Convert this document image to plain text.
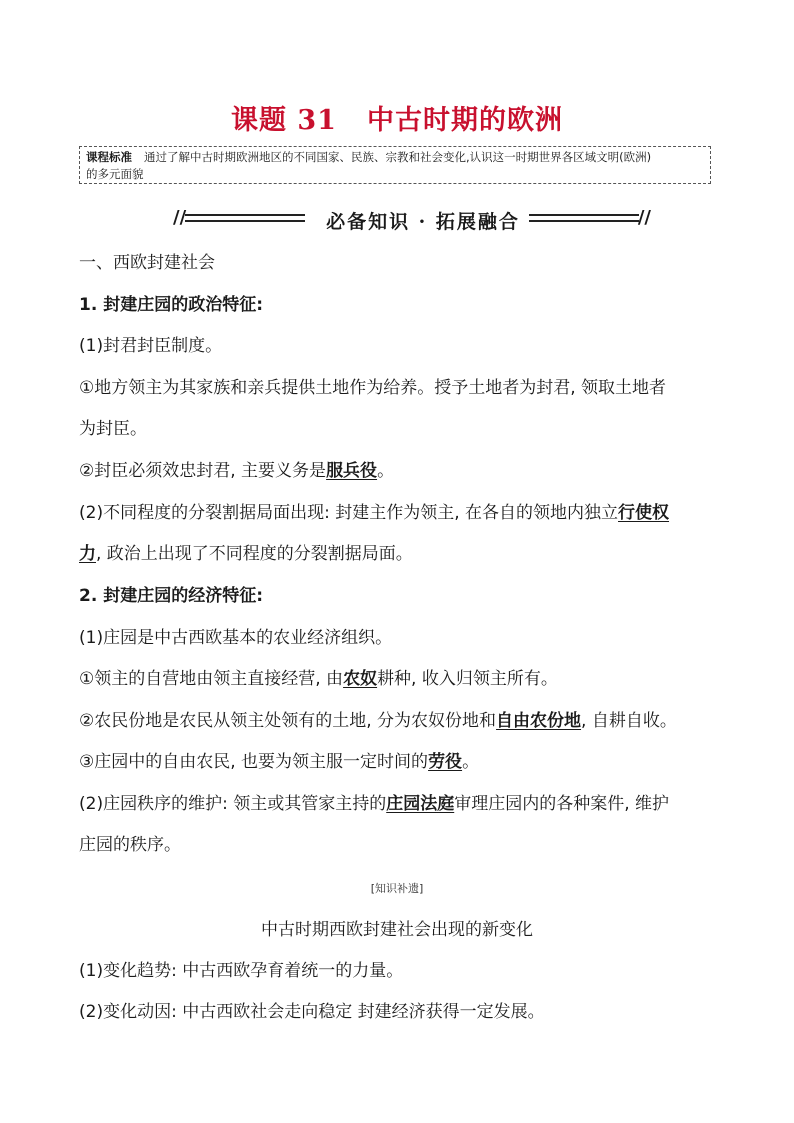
课题 31 中古时期的欧洲
课程标准 通过了解中古时期欧洲地区的不同国家、民族、宗教和社会变化,认识这一时期世界各区域文明(欧洲)
的多元面貌
//	必备知识 · 拓展融合	//
一、西欧封建社会
1. 封建庄园的政治特征:
(1)封君封臣制度。
①地方领主为其家族和亲兵提供土地作为给养。授予土地者为封君, 领取土地者
为封臣。
②封臣必须效忠封君, 主要义务是服兵役。
(2)不同程度的分裂割据局面出现: 封建主作为领主, 在各自的领地内独立行使权
力, 政治上出现了不同程度的分裂割据局面。
2. 封建庄园的经济特征:
(1)庄园是中古西欧基本的农业经济组织。
①领主的自营地由领主直接经营, 由农奴耕种, 收入归领主所有。
②农民份地是农民从领主处领有的土地, 分为农奴份地和自由农份地, 自耕自收。
③庄园中的自由农民, 也要为领主服一定时间的劳役。
(2)庄园秩序的维护: 领主或其管家主持的庄园法庭审理庄园内的各种案件, 维护
庄园的秩序。
[知识补遗]
中古时期西欧封建社会出现的新变化
(1)变化趋势: 中古西欧孕育着统一的力量。
(2)变化动因: 中古西欧社会走向稳定 封建经济获得一定发展。
